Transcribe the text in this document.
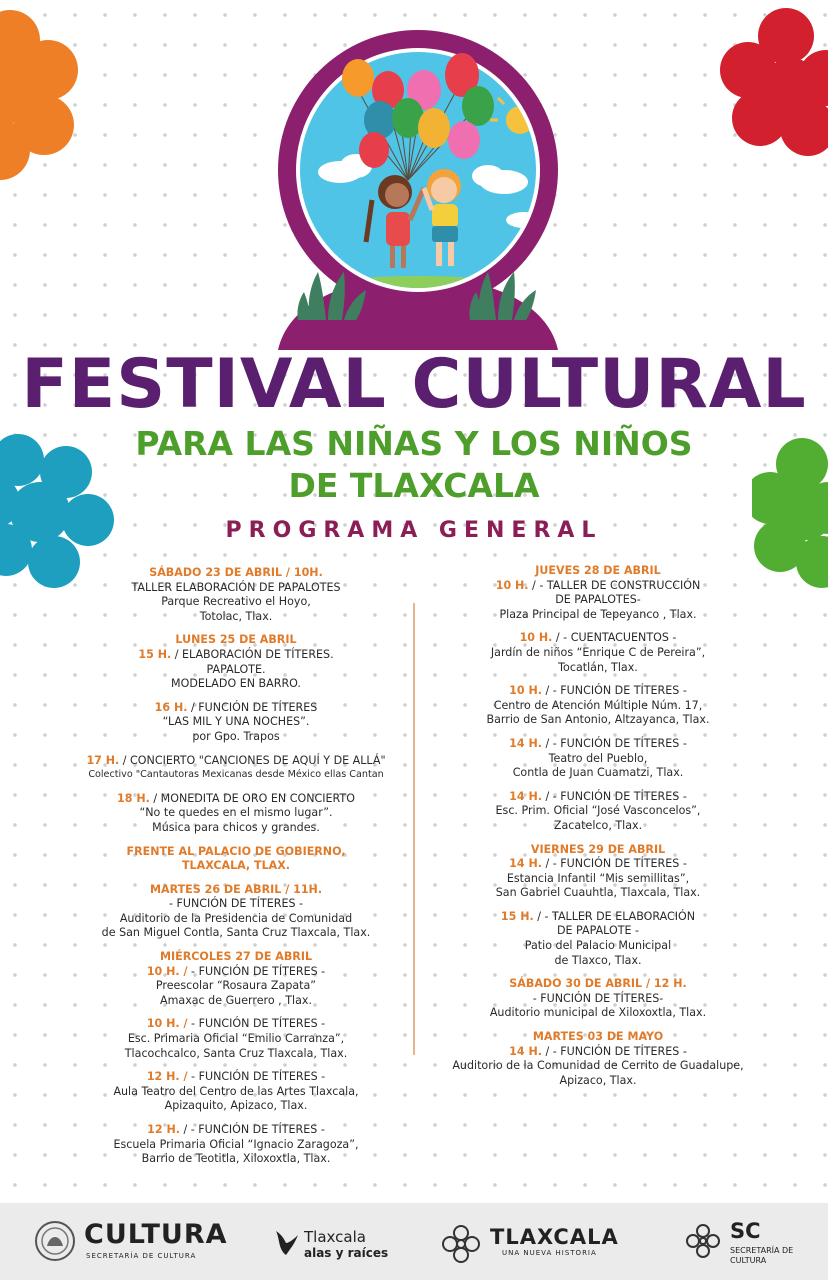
FESTIVAL CULTURAL
PARA LAS NIÑAS Y LOS NIÑOS
DE TLAXCALA
PROGRAMA GENERAL
SÁBADO 23 DE ABRIL / 10H.
TALLER ELABORACIÓN DE PAPALOTES
Parque Recreativo el Hoyo,
Totolac, Tlax.
LUNES 25 DE ABRIL
15 H. / ELABORACIÓN DE TÍTERES.
PAPALOTE.
MODELADO EN BARRO.
16 H. / FUNCIÓN DE TÍTERES
“LAS MIL Y UNA NOCHES”.
por Gpo. Trapos
17 H. / CONCIERTO "CANCIONES DE AQUÍ Y DE ALLÁ"
Colectivo "Cantautoras Mexicanas desde México ellas Cantan
18 H. / MONEDITA DE ORO EN CONCIERTO
“No te quedes en el mismo lugar”.
Música para chicos y grandes.
FRENTE AL PALACIO DE GOBIERNO,
TLAXCALA, TLAX.
MARTES 26 DE ABRIL / 11H.
- FUNCIÓN DE TÍTERES -
Auditorio de la Presidencia de Comunidad
de San Miguel Contla, Santa Cruz Tlaxcala, Tlax.
MIÉRCOLES 27 DE ABRIL
10 H. / - FUNCIÓN DE TÍTERES -
Preescolar “Rosaura Zapata”
Amaxac de Guerrero , Tlax.
10 H. / - FUNCIÓN DE TÍTERES -
Esc. Primaria Oficial “Emilio Carranza”,
Tlacochcalco, Santa Cruz Tlaxcala, Tlax.
12 H. / - FUNCIÓN DE TÍTERES -
Aula Teatro del Centro de las Artes Tlaxcala,
Apizaquito, Apizaco, Tlax.
12 H. / - FUNCIÓN DE TÍTERES -
Escuela Primaria Oficial “Ignacio Zaragoza”,
Barrio de Teotitla, Xiloxoxtla, Tlax.
JUEVES 28 DE ABRIL
10 H. / - TALLER DE CONSTRUCCIÓN
DE PAPALOTES-
Plaza Principal de Tepeyanco , Tlax.
10 H. / - CUENTACUENTOS -
Jardín de niños “Enrique C de Pereira”,
Tocatlán, Tlax.
10 H. / - FUNCIÓN DE TÍTERES -
Centro de Atención Múltiple Núm. 17,
Barrio de San Antonio, Altzayanca, Tlax.
14 H. / - FUNCIÓN DE TÍTERES -
Teatro del Pueblo,
Contla de Juan Cuamatzi, Tlax.
14 H. / - FUNCIÓN DE TÍTERES -
Esc. Prim. Oficial “José Vasconcelos”,
Zacatelco, Tlax.
VIERNES 29 DE ABRIL
14 H. / - FUNCIÓN DE TÍTERES -
Estancia Infantil “Mis semillitas”,
San Gabriel Cuauhtla, Tlaxcala, Tlax.
15 H. / - TALLER DE ELABORACIÓN
DE PAPALOTE -
Patio del Palacio Municipal
de Tlaxco, Tlax.
SÁBADO 30 DE ABRIL / 12 H.
- FUNCIÓN DE TÍTERES-
Auditorio municipal de Xiloxoxtla, Tlax.
MARTES 03 DE MAYO
14 H. / - FUNCIÓN DE TÍTERES -
Auditorio de la Comunidad de Cerrito de Guadalupe,
Apizaco, Tlax.
CULTURA
SECRETARÍA DE CULTURA
Tlaxcala
alas y raíces
TLAXCALA
UNA NUEVA HISTORIA
SC
SECRETARÍA DE
CULTURA
